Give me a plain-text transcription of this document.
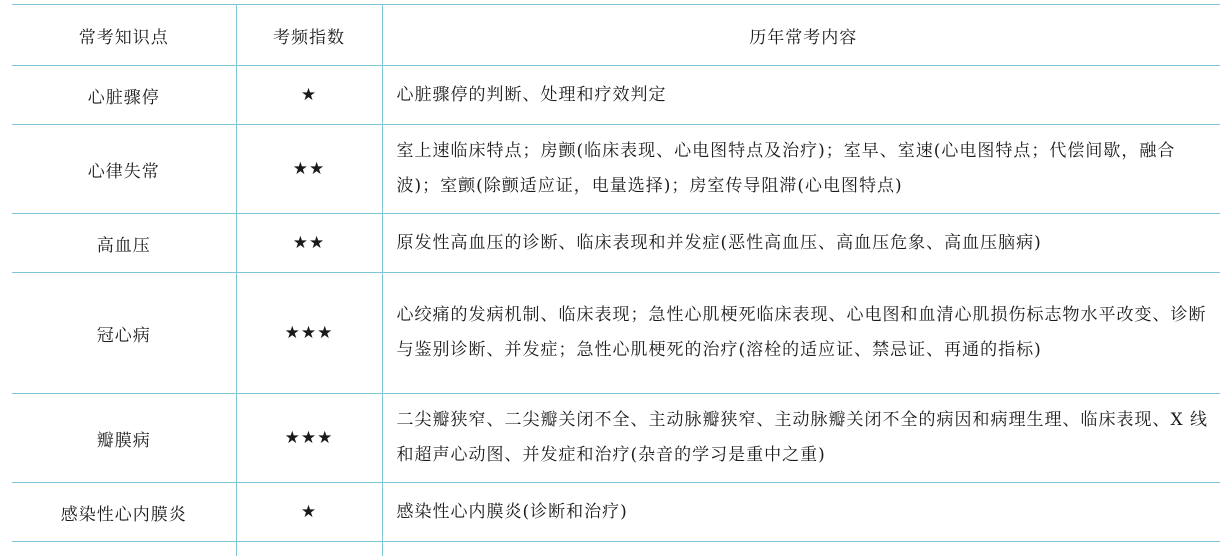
常考知识点	考频指数	历年常考内容
心脏骤停	★	心脏骤停的判断、处理和疗效判定
心律失常	★★	室上速临床特点；房颤(临床表现、心电图特点及治疗)；室早、室速(心电图特点；代偿间歇，融合波)；室颤(除颤适应证，电量选择)；房室传导阻滞(心电图特点)
高血压	★★	原发性高血压的诊断、临床表现和并发症(恶性高血压、高血压危象、高血压脑病)
冠心病	★★★	心绞痛的发病机制、临床表现；急性心肌梗死临床表现、心电图和血清心肌损伤标志物水平改变、诊断与鉴别诊断、并发症；急性心肌梗死的治疗(溶栓的适应证、禁忌证、再通的指标)
瓣膜病	★★★	二尖瓣狭窄、二尖瓣关闭不全、主动脉瓣狭窄、主动脉瓣关闭不全的病因和病理生理、临床表现、X 线和超声心动图、并发症和治疗(杂音的学习是重中之重)
感染性心内膜炎	★	感染性心内膜炎(诊断和治疗)
